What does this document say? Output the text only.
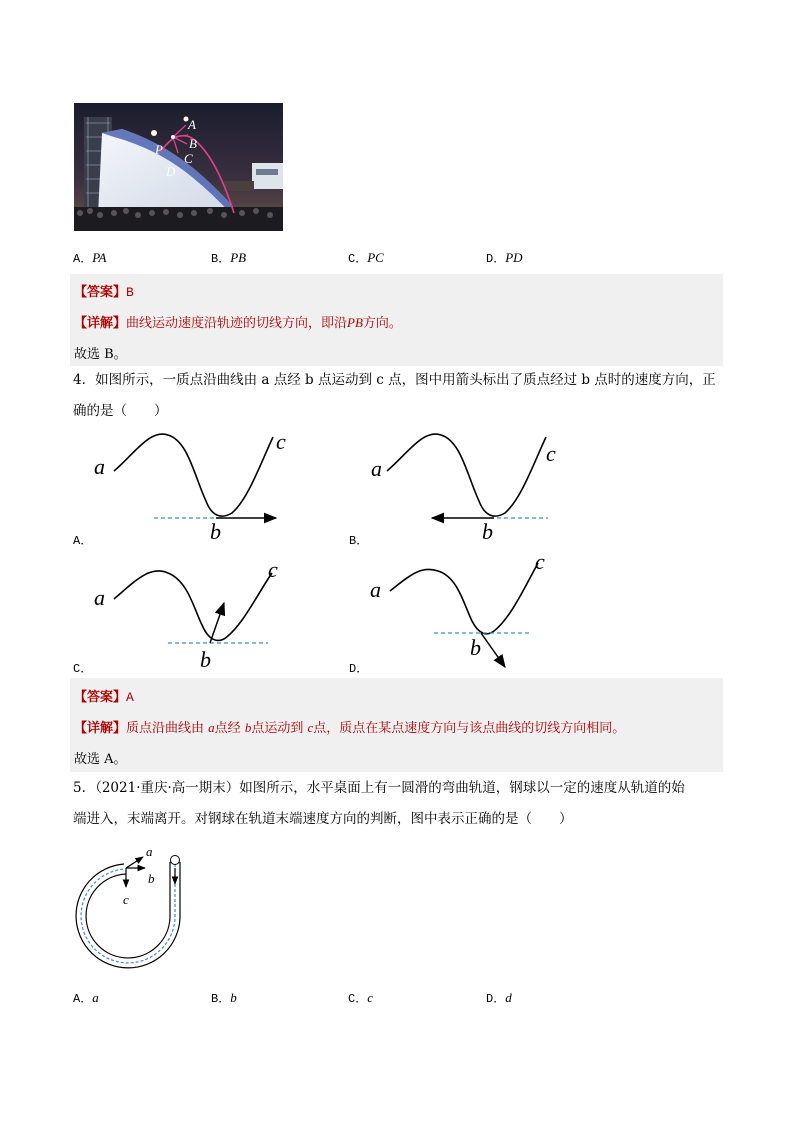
A
B
C
D
P
A．PA	B．PB	C．PC	D．PD
【答案】B
【详解】曲线运动速度沿轨迹的切线方向，即沿PB方向。
故选 B。
4．如图所示，一质点沿曲线由 a 点经 b 点运动到 c 点，图中用箭头标出了质点经过 b 点时的速度方向，正
确的是（　　）
a
b
c
a
b
c
a
b
c
a
b
c
A．	B．
C．	D．
【答案】A
【详解】质点沿曲线由 a点经 b点运动到 c点，质点在某点速度方向与该点曲线的切线方向相同。
故选 A。
5．（2021·重庆·高一期末）如图所示，水平桌面上有一圆滑的弯曲轨道，钢球以一定的速度从轨道的始
端进入，末端离开。对钢球在轨道末端速度方向的判断，图中表示正确的是（　　）
a
b
c
A．a	B．b	C．c	D．d
